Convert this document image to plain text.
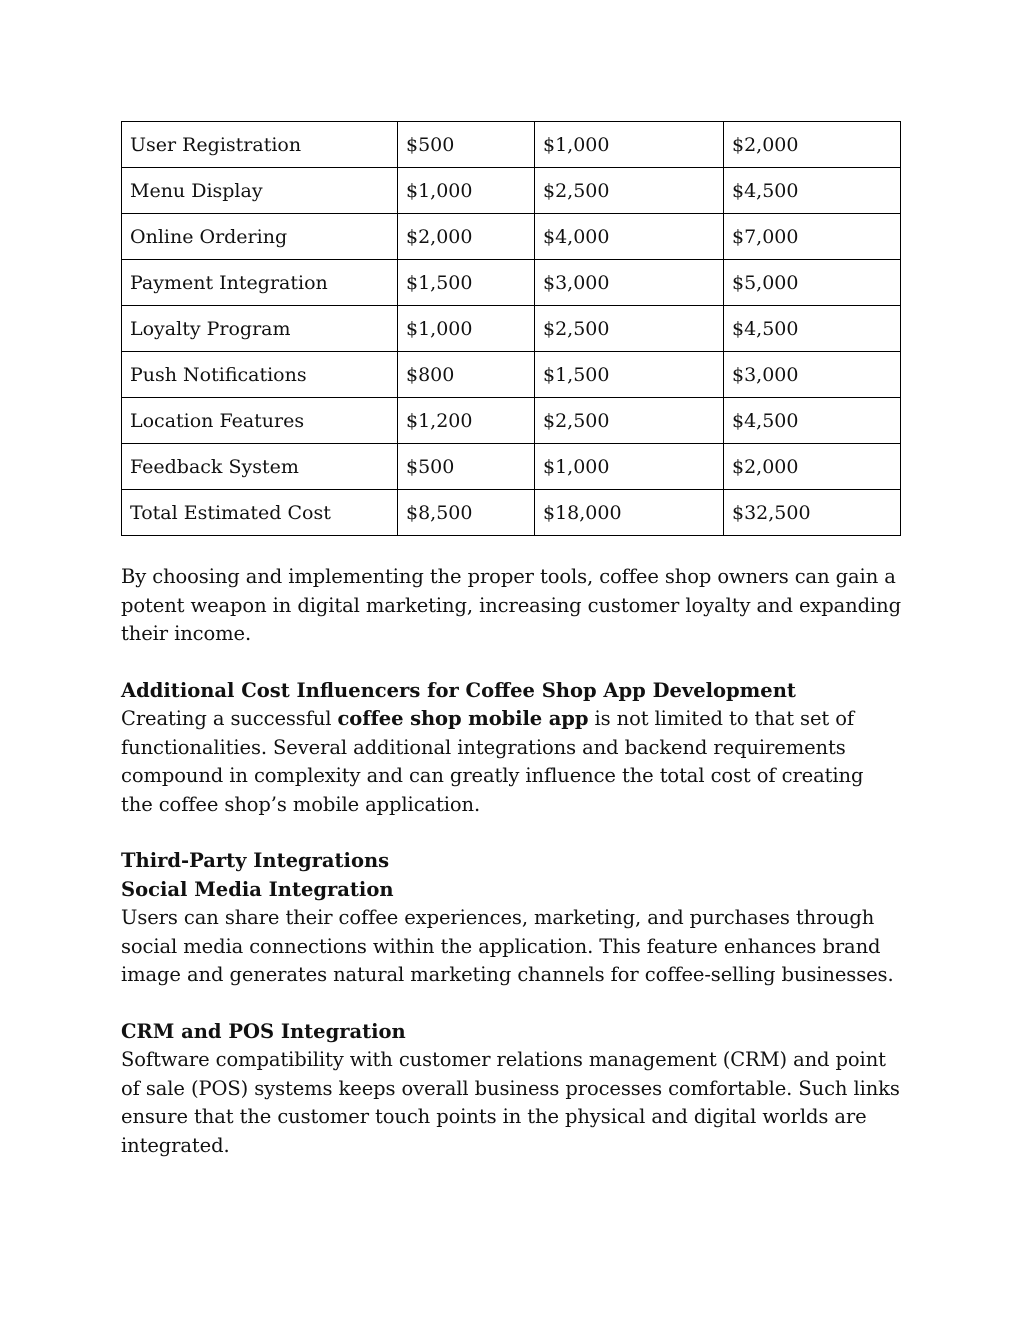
User Registration	$500	$1,000	$2,000
Menu Display	$1,000	$2,500	$4,500
Online Ordering	$2,000	$4,000	$7,000
Payment Integration	$1,500	$3,000	$5,000
Loyalty Program	$1,000	$2,500	$4,500
Push Notifications	$800	$1,500	$3,000
Location Features	$1,200	$2,500	$4,500
Feedback System	$500	$1,000	$2,000
Total Estimated Cost	$8,500	$18,000	$32,500

By choosing and implementing the proper tools, coffee shop owners can gain a potent weapon in digital marketing, increasing customer loyalty and expanding their income.

Additional Cost Influencers for Coffee Shop App Development

Creating a successful coffee shop mobile app is not limited to that set of functionalities. Several additional integrations and backend requirements compound in complexity and can greatly influence the total cost of creating the coffee shop’s mobile application.

Third-Party Integrations
Social Media Integration

Users can share their coffee experiences, marketing, and purchases through social media connections within the application. This feature enhances brand image and generates natural marketing channels for coffee-selling businesses.

CRM and POS Integration

Software compatibility with customer relations management (CRM) and point of sale (POS) systems keeps overall business processes comfortable. Such links ensure that the customer touch points in the physical and digital worlds are integrated.
